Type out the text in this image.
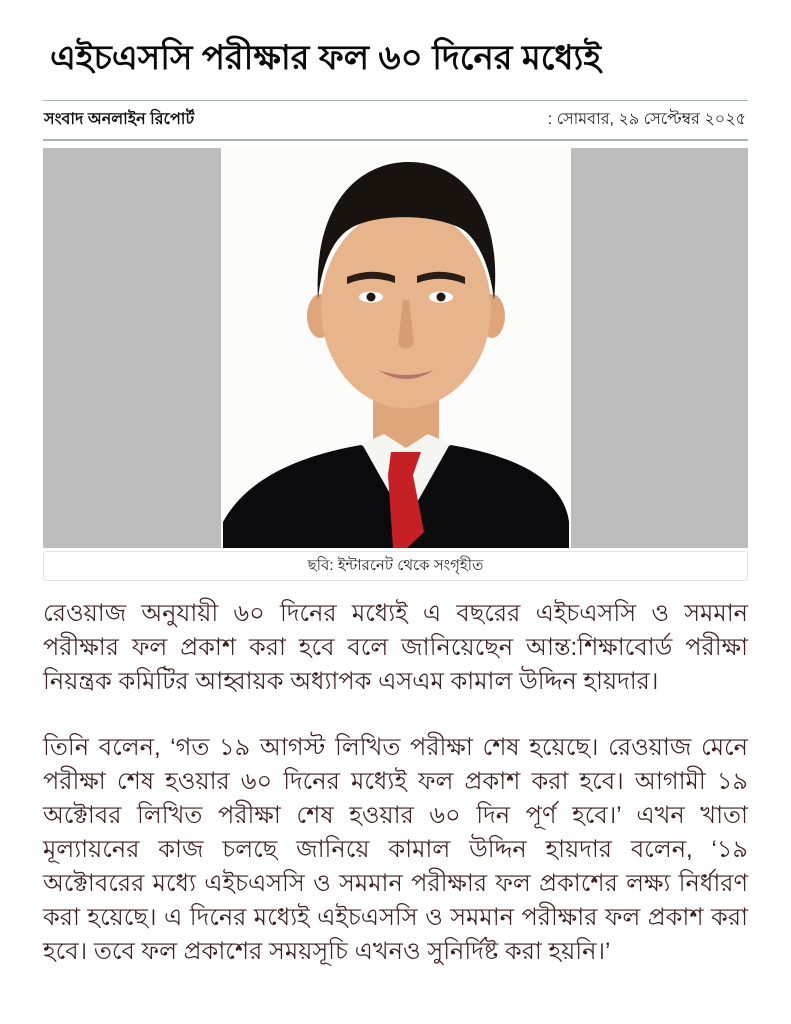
এইচএসসি পরীক্ষার ফল ৬০ দিনের মধ্যেই
সংবাদ অনলাইন রিপোর্ট	: সোমবার, ২৯ সেপ্টেম্বর ২০২৫
ছবি: ইন্টারনেট থেকে সংগৃহীত

রেওয়াজ অনুযায়ী ৬০ দিনের মধ্যেই এ বছরের এইচএসসি ও সমমান পরীক্ষার ফল প্রকাশ করা হবে বলে জানিয়েছেন আন্ত:শিক্ষাবোর্ড পরীক্ষা নিয়ন্ত্রক কমিটির আহ্বায়ক অধ্যাপক এসএম কামাল উদ্দিন হায়দার।

তিনি বলেন, ‘গত ১৯ আগস্ট লিখিত পরীক্ষা শেষ হয়েছে। রেওয়াজ মেনে পরীক্ষা শেষ হওয়ার ৬০ দিনের মধ্যেই ফল প্রকাশ করা হবে। আগামী ১৯ অক্টোবর লিখিত পরীক্ষা শেষ হওয়ার ৬০ দিন পূর্ণ হবে।’ এখন খাতা মূল্যায়নের কাজ চলছে জানিয়ে কামাল উদ্দিন হায়দার বলেন, ‘১৯ অক্টোবরের মধ্যে এইচএসসি ও সমমান পরীক্ষার ফল প্রকাশের লক্ষ্য নির্ধারণ করা হয়েছে। এ দিনের মধ্যেই এইচএসসি ও সমমান পরীক্ষার ফল প্রকাশ করা হবে। তবে ফল প্রকাশের সময়সূচি এখনও সুনির্দিষ্ট করা হয়নি।’
